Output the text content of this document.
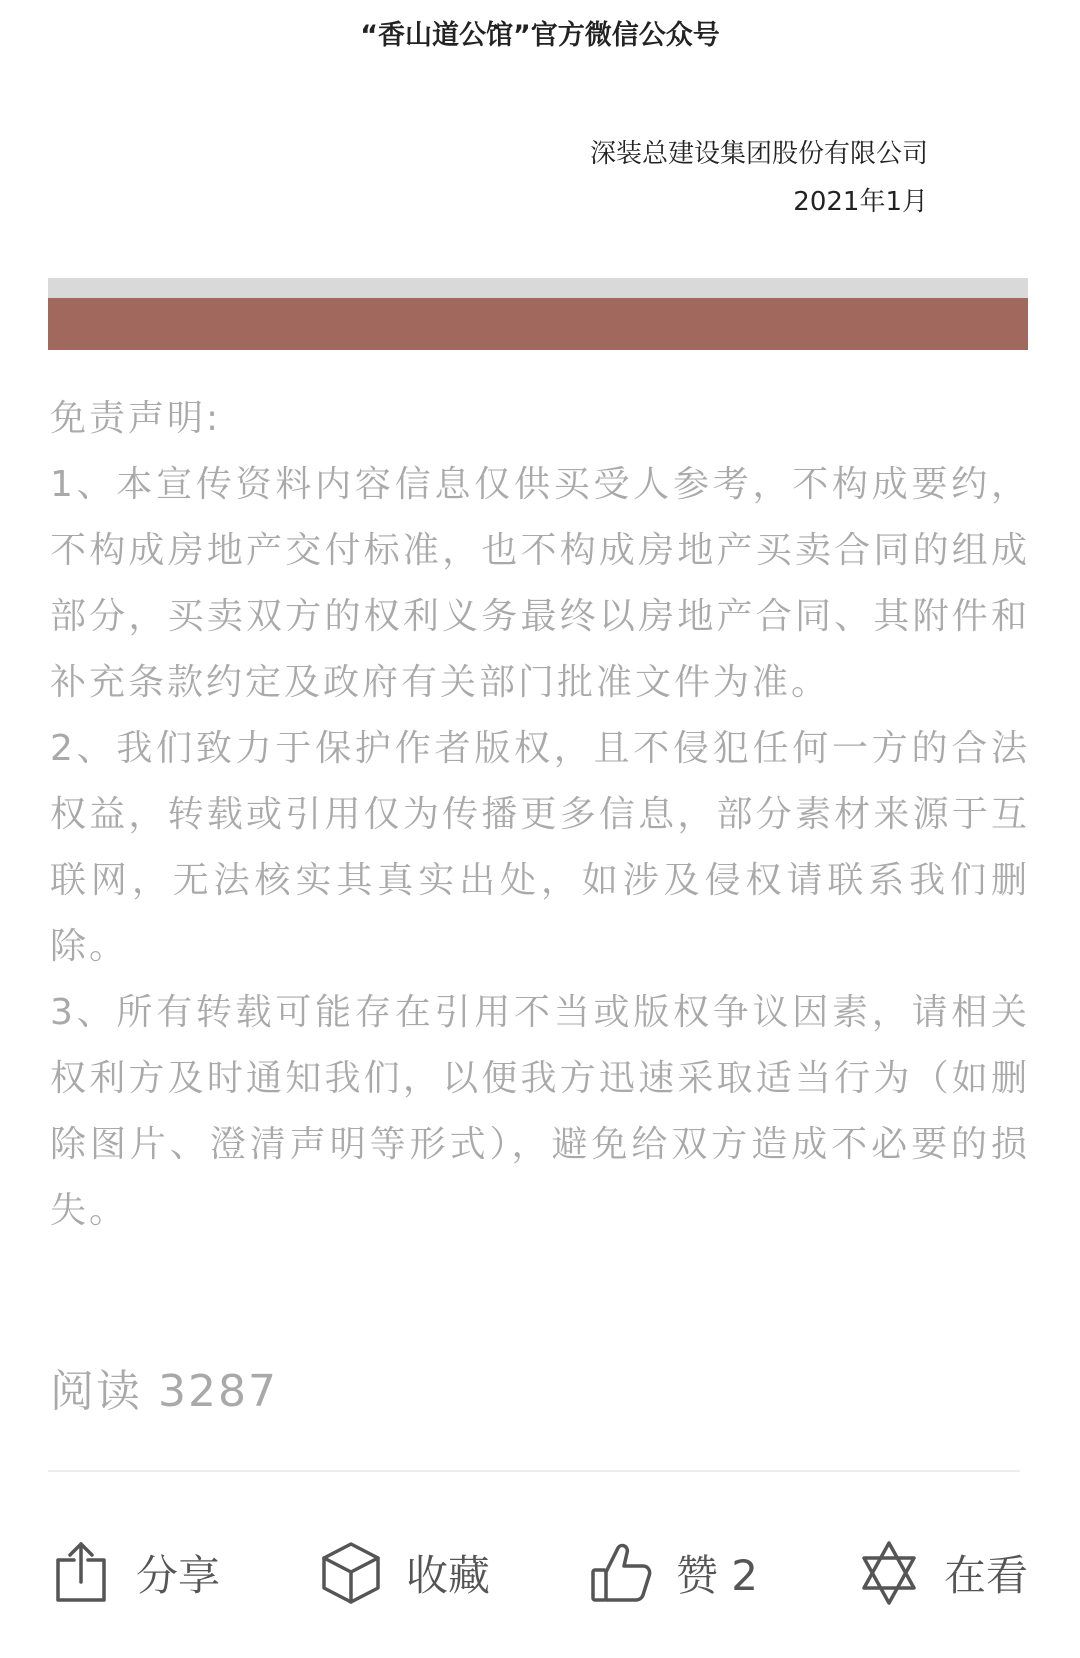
“香山道公馆”官方微信公众号
深装总建设集团股份有限公司
2021年1月

免责声明:

1、本宣传资料内容信息仅供买受人参考，不构成要约，不构成房地产交付标准，也不构成房地产买卖合同的组成部分，买卖双方的权利义务最终以房地产合同、其附件和补充条款约定及政府有关部门批准文件为准。

2、我们致力于保护作者版权，且不侵犯任何一方的合法权益，转载或引用仅为传播更多信息，部分素材来源于互联网，无法核实其真实出处，如涉及侵权请联系我们删除。

3、所有转载可能存在引用不当或版权争议因素，请相关权利方及时通知我们，以便我方迅速采取适当行为（如删除图片、澄清声明等形式），避免给双方造成不必要的损失。

阅读 3287
分享	收藏	赞 2	在看
